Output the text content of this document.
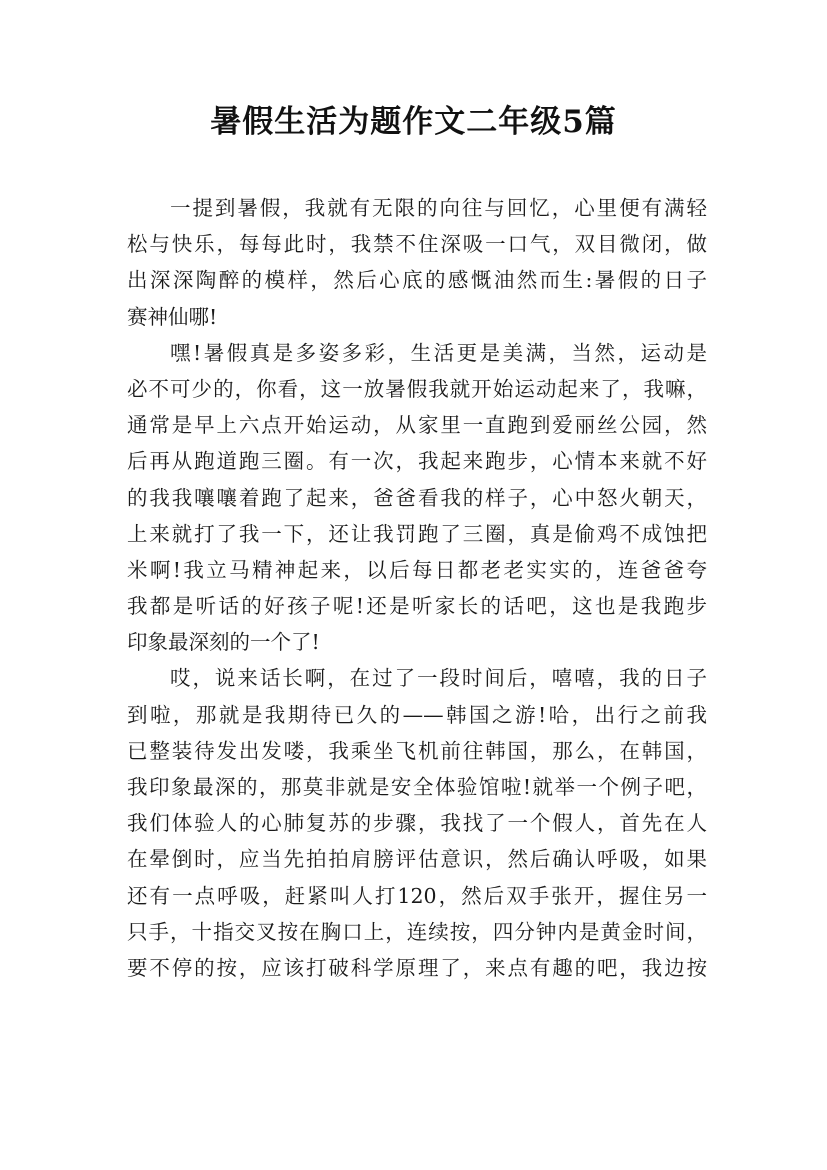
暑假生活为题作文二年级5篇
一提到暑假，我就有无限的向往与回忆，心里便有满轻
松与快乐，每每此时，我禁不住深吸一口气，双目微闭，做
出深深陶醉的模样，然后心底的感慨油然而生:暑假的日子
赛神仙哪!
嘿!暑假真是多姿多彩，生活更是美满，当然，运动是
必不可少的，你看，这一放暑假我就开始运动起来了，我嘛，
通常是早上六点开始运动，从家里一直跑到爱丽丝公园，然
后再从跑道跑三圈。有一次，我起来跑步，心情本来就不好
的我我嚷嚷着跑了起来，爸爸看我的样子，心中怒火朝天，
上来就打了我一下，还让我罚跑了三圈，真是偷鸡不成蚀把
米啊!我立马精神起来，以后每日都老老实实的，连爸爸夸
我都是听话的好孩子呢!还是听家长的话吧，这也是我跑步
印象最深刻的一个了!
哎，说来话长啊，在过了一段时间后，嘻嘻，我的日子
到啦，那就是我期待已久的——韩国之游!哈，出行之前我
已整装待发出发喽，我乘坐飞机前往韩国，那么，在韩国，
我印象最深的，那莫非就是安全体验馆啦!就举一个例子吧，
我们体验人的心肺复苏的步骤，我找了一个假人，首先在人
在晕倒时，应当先拍拍肩膀评估意识，然后确认呼吸，如果
还有一点呼吸，赶紧叫人打120，然后双手张开，握住另一
只手，十指交叉按在胸口上，连续按，四分钟内是黄金时间，
要不停的按，应该打破科学原理了，来点有趣的吧，我边按
